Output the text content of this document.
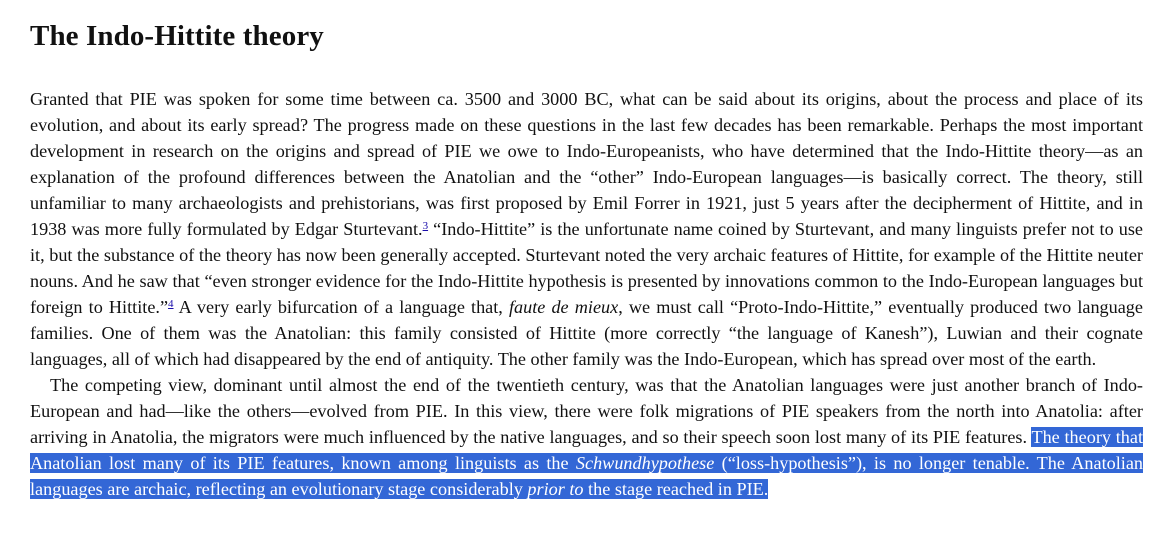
The Indo-Hittite theory

Granted that PIE was spoken for some time between ca. 3500 and 3000 BC, what can be said about its origins, about the process and place of its evolution, and about its early spread? The progress made on these questions in the last few decades has been remarkable. Perhaps the most important development in research on the origins and spread of PIE we owe to Indo-Europeanists, who have determined that the Indo-Hittite theory—as an explanation of the profound differences between the Anatolian and the “other” Indo-European languages—is basically correct. The theory, still unfamiliar to many archaeologists and prehistorians, was first proposed by Emil Forrer in 1921, just 5 years after the decipherment of Hittite, and in 1938 was more fully formulated by Edgar Sturtevant.$^3$ “Indo-Hittite” is the unfortunate name coined by Sturtevant, and many linguists prefer not to use it, but the substance of the theory has now been generally accepted. Sturtevant noted the very archaic features of Hittite, for example of the Hittite neuter nouns. And he saw that “even stronger evidence for the Indo-Hittite hypothesis is presented by innovations common to the Indo-European languages but foreign to Hittite.”$^4$ A very early bifurcation of a language that, faute de mieux, we must call “Proto-Indo-Hittite,” eventually produced two language families. One of them was the Anatolian: this family consisted of Hittite (more correctly “the language of Kanesh”), Luwian and their cognate languages, all of which had disappeared by the end of antiquity. The other family was the Indo-European, which has spread over most of the earth.

The competing view, dominant until almost the end of the twentieth century, was that the Anatolian languages were just another branch of Indo-European and had—like the others—evolved from PIE. In this view, there were folk migrations of PIE speakers from the north into Anatolia: after arriving in Anatolia, the migrators were much influenced by the native languages, and so their speech soon lost many of its PIE features. The theory that Anatolian lost many of its PIE features, known among linguists as the Schwundhypothese (“loss-hypothesis”), is no longer tenable. The Anatolian languages are archaic, reflecting an evolutionary stage considerably prior to the stage reached in PIE.
